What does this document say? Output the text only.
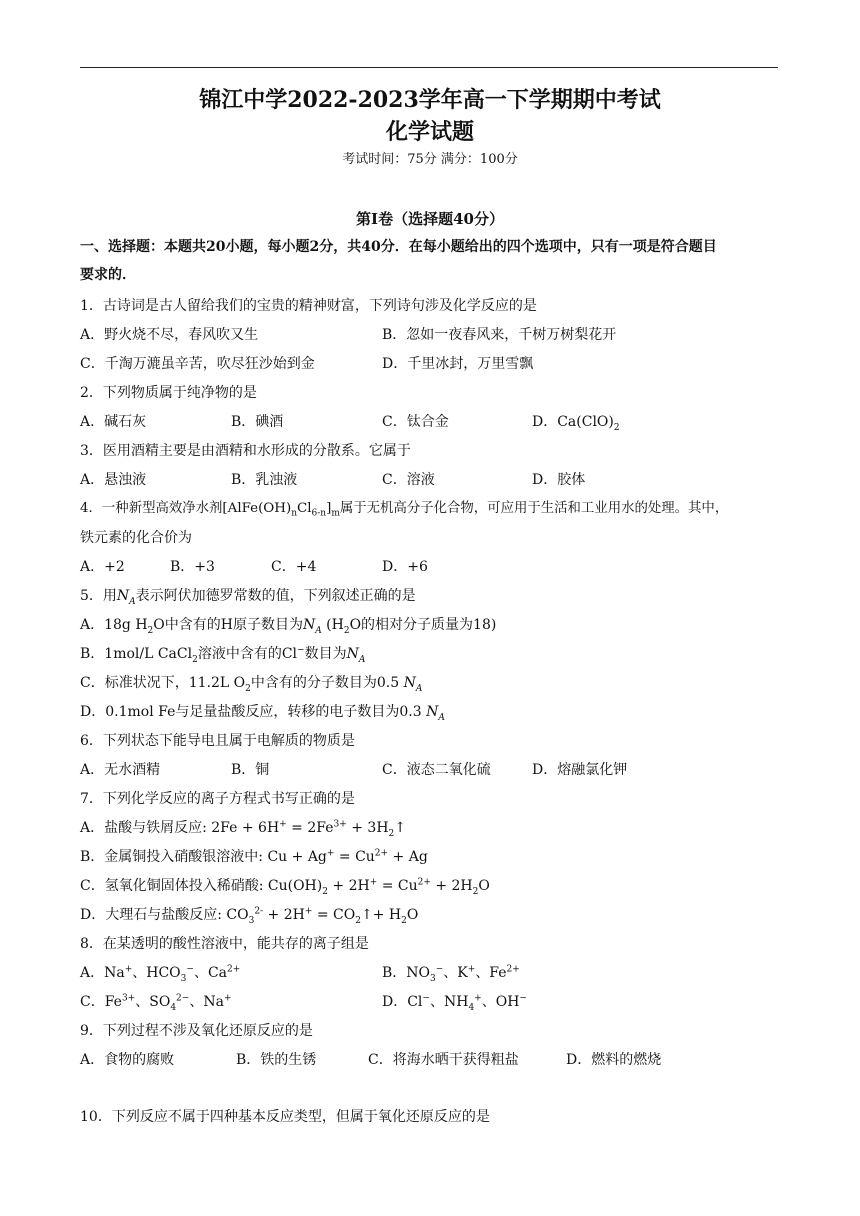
锦江中学2022-2023学年高一下学期期中考试
化学试题
考试时间：75分 满分：100分
第Ⅰ卷（选择题40分）
一、选择题：本题共20小题，每小题2分，共40分．在每小题给出的四个选项中，只有一项是符合题目
要求的．
1．古诗词是古人留给我们的宝贵的精神财富，下列诗句涉及化学反应的是
A．野火烧不尽，春风吹又生	B．忽如一夜春风来，千树万树梨花开
C．千淘万漉虽辛苦，吹尽狂沙始到金	D．千里冰封，万里雪飘
2．下列物质属于纯净物的是
A．碱石灰	B．碘酒	C．钛合金	D．$Ca(ClO)_2$
3．医用酒精主要是由酒精和水形成的分散系。它属于
A．悬浊液	B．乳浊液	C．溶液	D．胶体
4．一种新型高效净水剂$[AlFe(OH)_nCl_{6-n}]_m$属于无机高分子化合物，可应用于生活和工业用水的处理。其中，
铁元素的化合价为
A．+2	B．+3	C．+4	D．+6
5．用$N_A$表示阿伏加德罗常数的值，下列叙述正确的是
A．18g $H_2O$中含有的H原子数目为$N_A$ ($H_2O$的相对分子质量为18)
B．1mol/L CaCl$_2$溶液中含有的Cl−数目为$N_A$
C．标准状况下，11.2L $O_2$中含有的分子数目为0.5 $N_A$
D．0.1mol Fe与足量盐酸反应，转移的电子数目为0.3 $N_A$
6．下列状态下能导电且属于电解质的物质是
A．无水酒精	B．铜	C．液态二氧化硫	D．熔融氯化钾
7．下列化学反应的离子方程式书写正确的是
A．盐酸与铁屑反应: $2Fe + 6H^+ = 2Fe^{3+}$ + $3H_2↑$
B．金属铜投入硝酸银溶液中: $Cu + Ag^+ = Cu^{2+} + Ag$
C．氢氧化铜固体投入稀硝酸: $Cu(OH)_2 + 2H^+ = Cu^{2+} + 2H_2O$
D．大理石与盐酸反应: $CO_3^{2-} + 2H^+$ = $CO_2↑+ H_2O$
8．在某透明的酸性溶液中，能共存的离子组是
A．Na+、$HCO_3^-$、$Ca^{2+}$	B．$NO_3^-$、K+、$Fe^{2+}$
C．$Fe^{3+}$、$SO_4^{2-}$、Na+	D．Cl−、$NH_4^+$、OH−
9．下列过程不涉及氧化还原反应的是
A．食物的腐败	B．铁的生锈	C．将海水晒干获得粗盐	D．燃料的燃烧
10．下列反应不属于四种基本反应类型，但属于氧化还原反应的是
